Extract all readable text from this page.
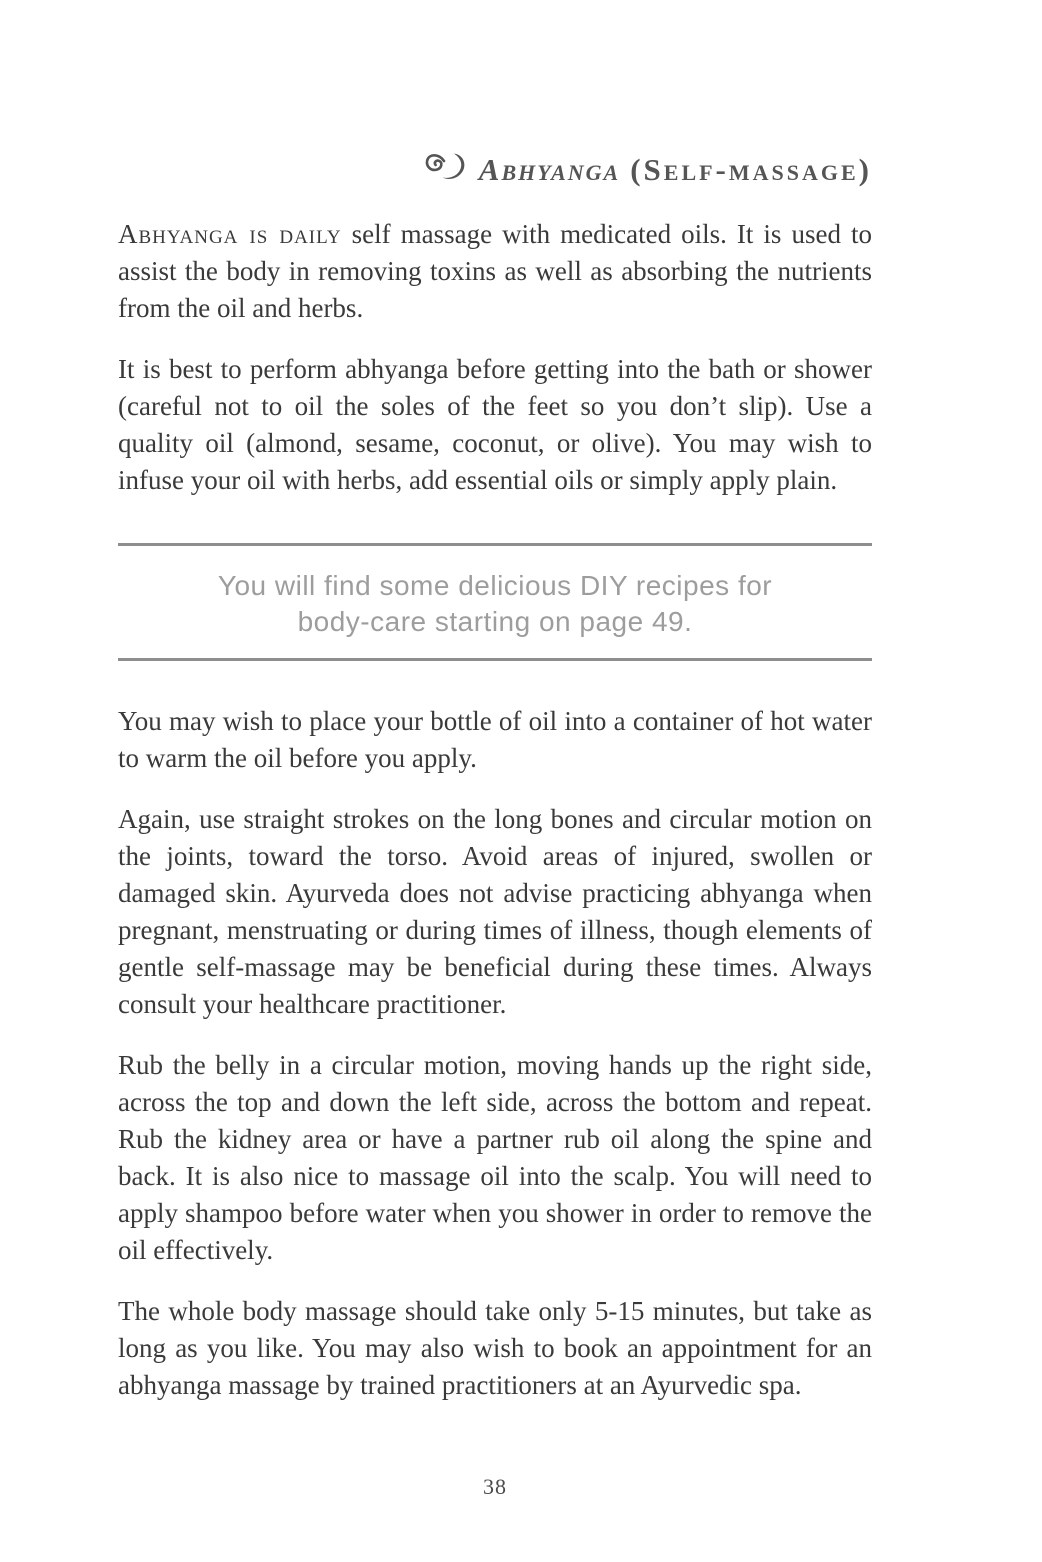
Abhyanga (Self-massage)

Abhyanga is daily self massage with medicated oils. It is used to assist the body in removing toxins as well as absorbing the nutrients from the oil and herbs.

It is best to perform abhyanga before getting into the bath or shower (careful not to oil the soles of the feet so you don’t slip). Use a quality oil (almond, sesame, coconut, or olive). You may wish to infuse your oil with herbs, add essential oils or simply apply plain.

You will find some delicious DIY recipes for
body-care starting on page 49.

You may wish to place your bottle of oil into a container of hot water to warm the oil before you apply.

Again, use straight strokes on the long bones and circular motion on the joints, toward the torso. Avoid areas of injured, swollen or damaged skin. Ayurveda does not advise practicing abhyanga when pregnant, menstruating or during times of illness, though elements of gentle self-massage may be beneficial during these times. Always consult your healthcare practitioner.

Rub the belly in a circular motion, moving hands up the right side, across the top and down the left side, across the bottom and repeat. Rub the kidney area or have a partner rub oil along the spine and back. It is also nice to massage oil into the scalp. You will need to apply shampoo before water when you shower in order to remove the oil effectively.

The whole body massage should take only 5-15 minutes, but take as long as you like. You may also wish to book an appointment for an abhyanga massage by trained practitioners at an Ayurvedic spa.

38
